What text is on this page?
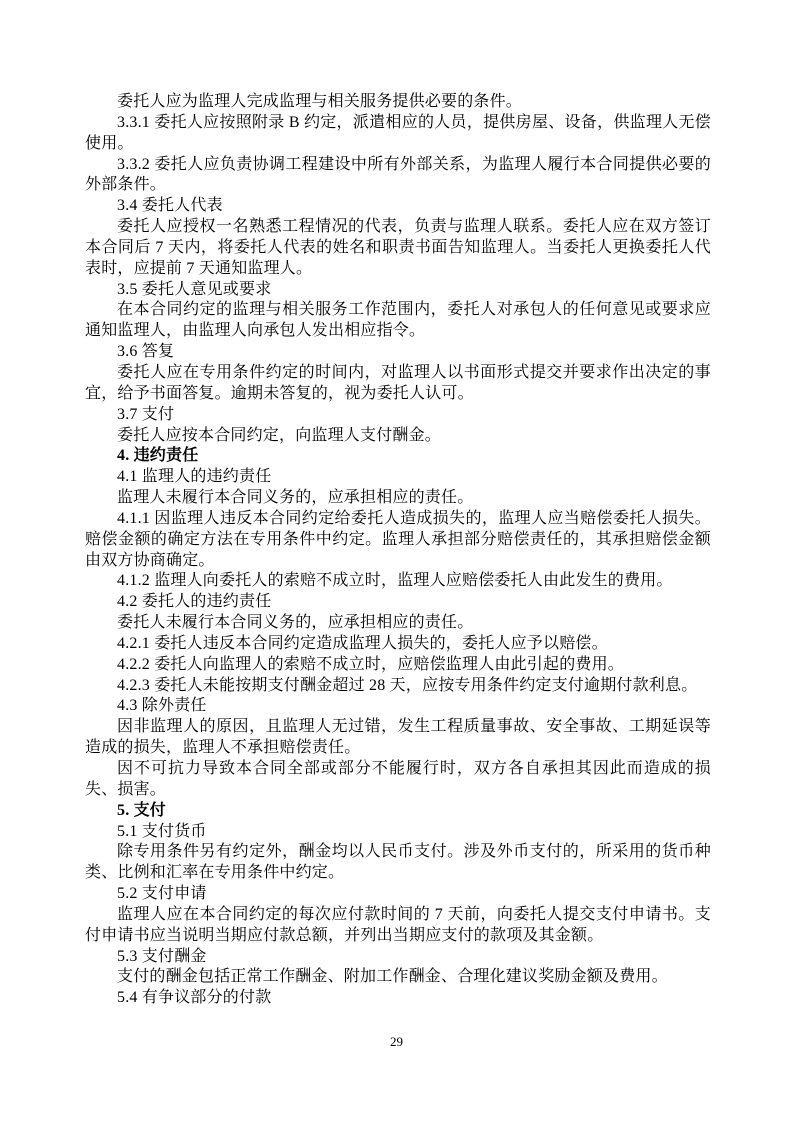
委托人应为监理人完成监理与相关服务提供必要的条件。

3.3.1 委托人应按照附录 B 约定，派遣相应的人员，提供房屋、设备，供监理人无偿使用。

3.3.2 委托人应负责协调工程建设中所有外部关系，为监理人履行本合同提供必要的外部条件。

3.4 委托人代表

委托人应授权一名熟悉工程情况的代表，负责与监理人联系。委托人应在双方签订本合同后 7 天内，将委托人代表的姓名和职责书面告知监理人。当委托人更换委托人代表时，应提前 7 天通知监理人。

3.5 委托人意见或要求

在本合同约定的监理与相关服务工作范围内，委托人对承包人的任何意见或要求应通知监理人，由监理人向承包人发出相应指令。

3.6 答复

委托人应在专用条件约定的时间内，对监理人以书面形式提交并要求作出决定的事宜，给予书面答复。逾期未答复的，视为委托人认可。

3.7 支付

委托人应按本合同约定，向监理人支付酬金。

4. 违约责任

4.1 监理人的违约责任

监理人未履行本合同义务的，应承担相应的责任。

4.1.1 因监理人违反本合同约定给委托人造成损失的，监理人应当赔偿委托人损失。赔偿金额的确定方法在专用条件中约定。监理人承担部分赔偿责任的，其承担赔偿金额由双方协商确定。

4.1.2 监理人向委托人的索赔不成立时，监理人应赔偿委托人由此发生的费用。

4.2 委托人的违约责任

委托人未履行本合同义务的，应承担相应的责任。

4.2.1 委托人违反本合同约定造成监理人损失的，委托人应予以赔偿。

4.2.2 委托人向监理人的索赔不成立时，应赔偿监理人由此引起的费用。

4.2.3 委托人未能按期支付酬金超过 28 天，应按专用条件约定支付逾期付款利息。

4.3 除外责任

因非监理人的原因，且监理人无过错，发生工程质量事故、安全事故、工期延误等造成的损失，监理人不承担赔偿责任。

因不可抗力导致本合同全部或部分不能履行时，双方各自承担其因此而造成的损失、损害。

5. 支付

5.1 支付货币

除专用条件另有约定外，酬金均以人民币支付。涉及外币支付的，所采用的货币种类、比例和汇率在专用条件中约定。

5.2 支付申请

监理人应在本合同约定的每次应付款时间的 7 天前，向委托人提交支付申请书。支付申请书应当说明当期应付款总额，并列出当期应支付的款项及其金额。

5.3 支付酬金

支付的酬金包括正常工作酬金、附加工作酬金、合理化建议奖励金额及费用。

5.4 有争议部分的付款

29
